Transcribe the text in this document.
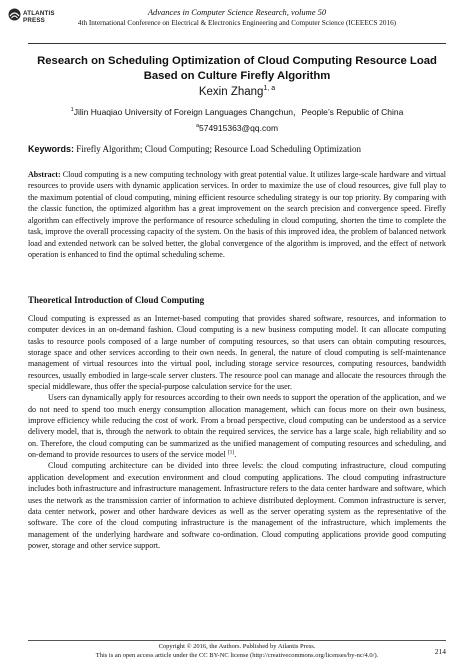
ATLANTIS
PRESS
Advances in Computer Science Research, volume 50
4th International Conference on Electrical & Electronics Engineering and Computer Science (ICEEECS 2016)
Research on Scheduling Optimization of Cloud Computing Resource Load Based on Culture Firefly Algorithm
Kexin Zhang$^{1, a}$
$^1$Jilin Huaqiao University of Foreign Languages Changchun，People’s Republic of China
$^a$574915363@qq.com
Keywords: Firefly Algorithm; Cloud Computing; Resource Load Scheduling Optimization
Abstract: Cloud computing is a new computing technology with great potential value. It utilizes large-scale hardware and virtual resources to provide users with dynamic application services. In order to maximize the use of cloud resources, give full play to the maximum potential of cloud computing, mining efficient resource scheduling strategy is our top priority. By comparing with the classic function, the optimized algorithm has a great improvement on the search precision and convergence speed. Firefly algorithm can effectively improve the performance of resource scheduling in cloud computing, shorten the time to complete the task, improve the overall processing capacity of the system. On the basis of this improved idea, the problem of balanced network load and extended network can be solved better, the global convergence of the algorithm is improved, and the effect of network operation is enhanced to find the optimal scheduling scheme.
Theoretical Introduction of Cloud Computing

Cloud computing is expressed as an Internet-based computing that provides shared software, resources, and information to computer devices in an on-demand fashion. Cloud computing is a new business computing model. It can allocate computing tasks to resource pools composed of a large number of computing resources, so that users can obtain computing resources, storage space and other services according to their own needs. In general, the nature of cloud computing is self-maintenance management of virtual resources into the virtual pool, including storage service resources, computing resources, bandwidth resources, usually embodied in large-scale server clusters. The resource pool can manage and allocate the resources through the special middleware, thus offer the special-purpose calculation service for the user.

Users can dynamically apply for resources according to their own needs to support the operation of the application, and we do not need to spend too much energy consumption allocation management, which can focus more on their own business, improve efficiency while reducing the cost of work. From a broad perspective, cloud computing can be understood as a service delivery model, that is, through the network to obtain the required services, the service has a large scale, high reliability and so on. Therefore, the cloud computing can be summarized as the unified management of computing resources and scheduling, and on-demand to provide resources to users of the service model [1].

Cloud computing architecture can be divided into three levels: the cloud computing infrastructure, cloud computing application development and execution environment and cloud computing applications. The cloud computing infrastructure includes both infrastructure and infrastructure management. Infrastructure refers to the data center hardware and software, which uses the network as the transmission carrier of information to achieve distributed deployment. Common infrastructure is server, data center network, power and other hardware devices as well as the server operating system as the representative of the software. The core of the cloud computing infrastructure is the management of the infrastructure, which implements the management of the underlying hardware and software co-ordination. Cloud computing applications provide good computing power, storage and other service support.

Copyright © 2016, the Authors. Published by Atlantis Press.
This is an open access article under the CC BY-NC license (http://creativecommons.org/licenses/by-nc/4.0/).	214
